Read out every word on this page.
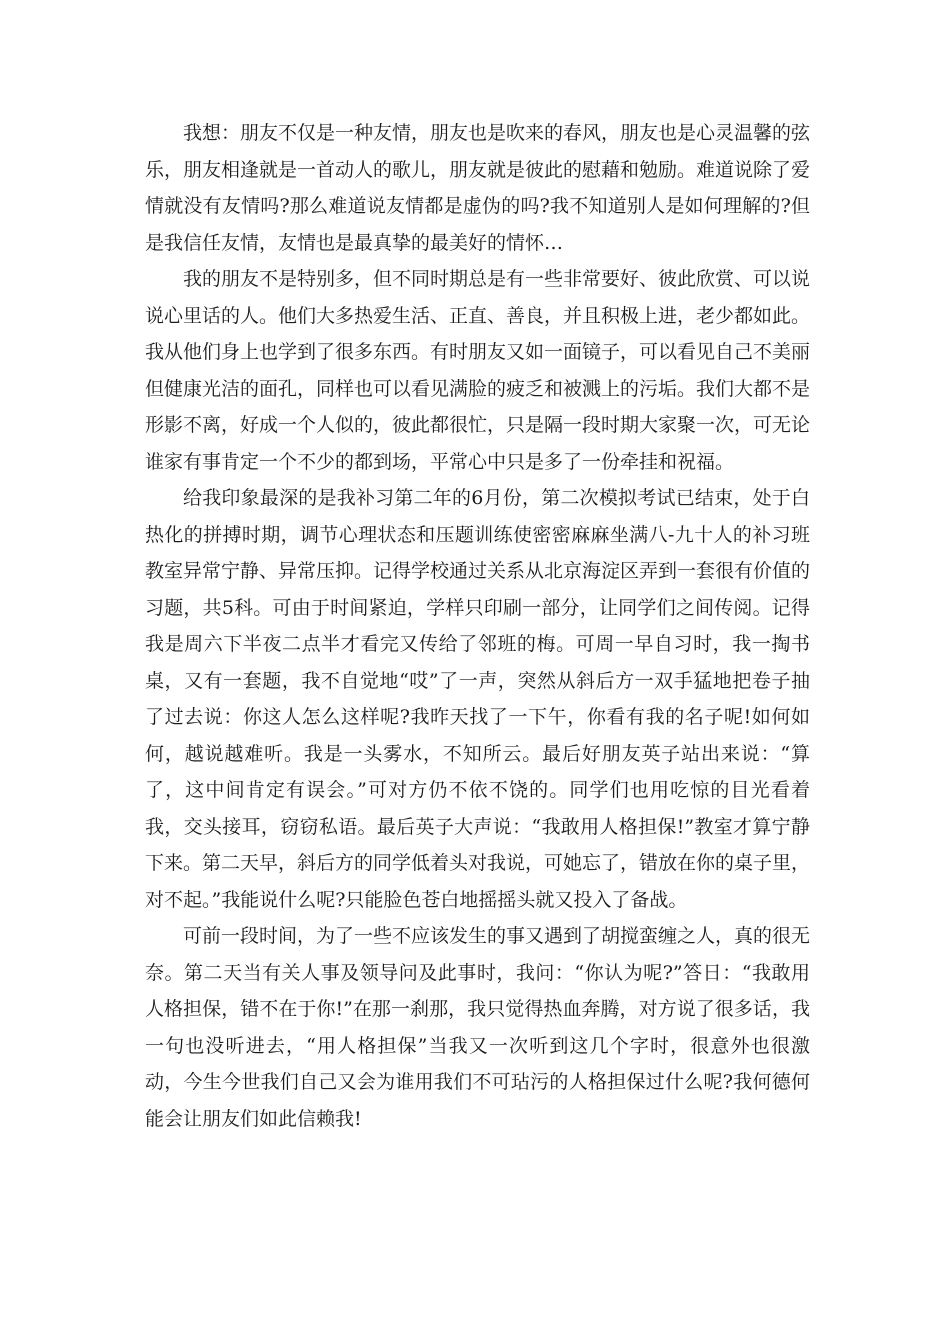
我想：朋友不仅是一种友情，朋友也是吹来的春风，朋友也是心灵温馨的弦乐，朋友相逢就是一首动人的歌儿，朋友就是彼此的慰藉和勉励。难道说除了爱情就没有友情吗?那么难道说友情都是虚伪的吗?我不知道别人是如何理解的?但是我信任友情，友情也是最真挚的最美好的情怀…

我的朋友不是特别多，但不同时期总是有一些非常要好、彼此欣赏、可以说说心里话的人。他们大多热爱生活、正直、善良，并且积极上进，老少都如此。我从他们身上也学到了很多东西。有时朋友又如一面镜子，可以看见自己不美丽但健康光洁的面孔，同样也可以看见满脸的疲乏和被溅上的污垢。我们大都不是形影不离，好成一个人似的，彼此都很忙，只是隔一段时期大家聚一次，可无论谁家有事肯定一个不少的都到场，平常心中只是多了一份牵挂和祝福。

给我印象最深的是我补习第二年的6月份，第二次模拟考试已结束，处于白热化的拼搏时期，调节心理状态和压题训练使密密麻麻坐满八-九十人的补习班教室异常宁静、异常压抑。记得学校通过关系从北京海淀区弄到一套很有价值的习题，共5科。可由于时间紧迫，学样只印刷一部分，让同学们之间传阅。记得我是周六下半夜二点半才看完又传给了邻班的梅。可周一早自习时，我一掏书桌，又有一套题，我不自觉地“哎”了一声，突然从斜后方一双手猛地把卷子抽了过去说：你这人怎么这样呢?我昨天找了一下午，你看有我的名子呢!如何如何，越说越难听。我是一头雾水，不知所云。最后好朋友英子站出来说：“算了，这中间肯定有误会。”可对方仍不依不饶的。同学们也用吃惊的目光看着我，交头接耳，窃窃私语。最后英子大声说：“我敢用人格担保!”教室才算宁静下来。第二天早，斜后方的同学低着头对我说，可她忘了，错放在你的桌子里，对不起。”我能说什么呢?只能脸色苍白地摇摇头就又投入了备战。

可前一段时间，为了一些不应该发生的事又遇到了胡搅蛮缠之人，真的很无奈。第二天当有关人事及领导问及此事时，我问：“你认为呢?”答日：“我敢用人格担保，错不在于你!”在那一刹那，我只觉得热血奔腾，对方说了很多话，我一句也没听进去，“用人格担保”当我又一次听到这几个字时，很意外也很激动，今生今世我们自己又会为谁用我们不可玷污的人格担保过什么呢?我何德何能会让朋友们如此信赖我!
